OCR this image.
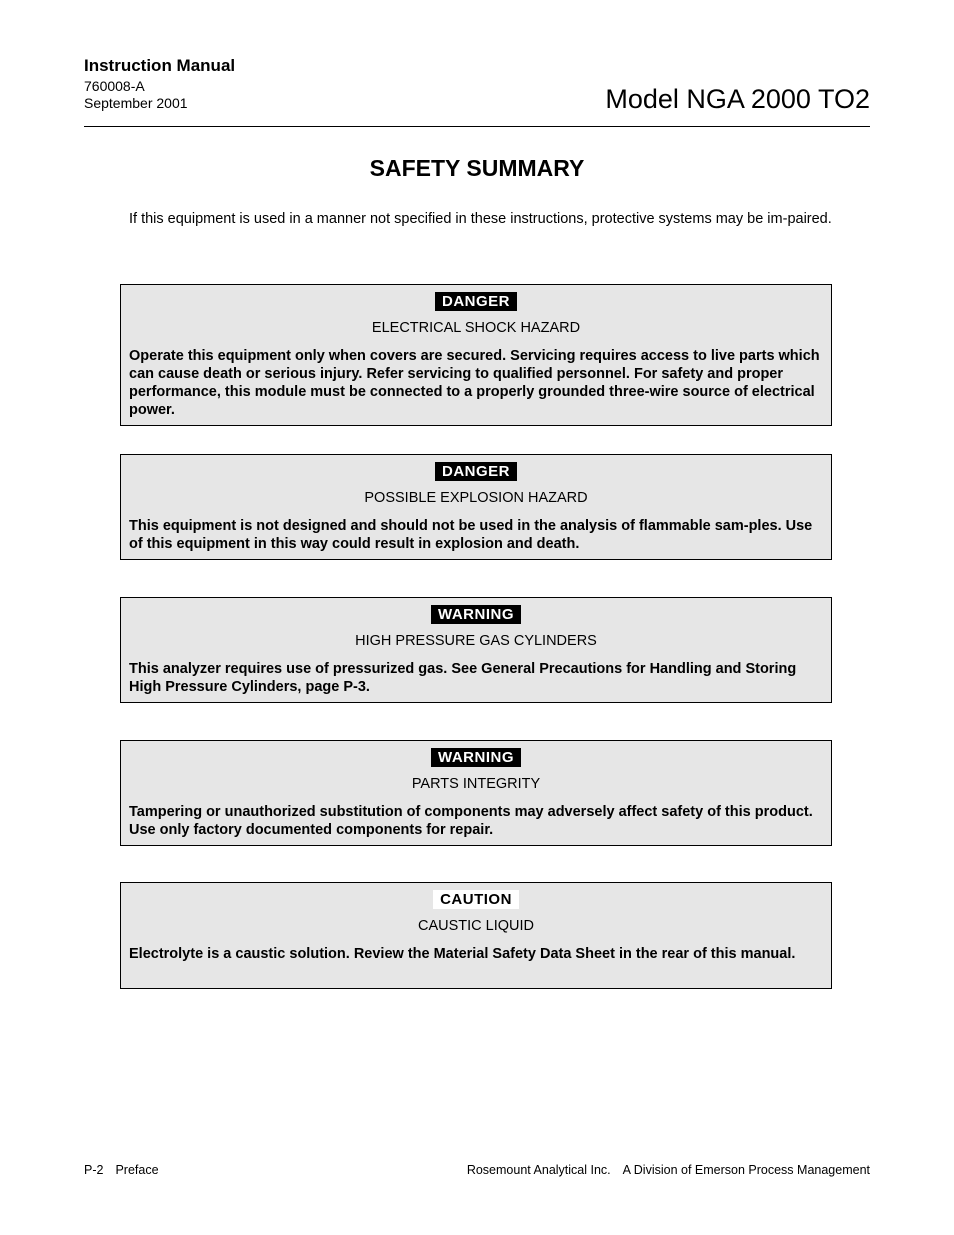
Instruction Manual
760008-A
September 2001	Model NGA 2000 TO2
SAFETY SUMMARY
If this equipment is used in a manner not specified in these instructions, protective systems may be im-paired.
DANGER
ELECTRICAL SHOCK HAZARD
Operate this equipment only when covers are secured. Servicing requires access to live parts which can cause death or serious injury. Refer servicing to qualified personnel. For safety and proper performance, this module must be connected to a properly grounded three-wire source of electrical power.
DANGER
POSSIBLE EXPLOSION HAZARD
This equipment is not designed and should not be used in the analysis of flammable sam-ples. Use of this equipment in this way could result in explosion and death.
WARNING
HIGH PRESSURE GAS CYLINDERS
This analyzer requires use of pressurized gas. See General Precautions for Handling and Storing High Pressure Cylinders, page P-3.
WARNING
PARTS INTEGRITY
Tampering or unauthorized substitution of components may adversely affect safety of this product. Use only factory documented components for repair.
CAUTION
CAUSTIC LIQUID
Electrolyte is a caustic solution. Review the Material Safety Data Sheet in the rear of this manual.
P-2 Preface	Rosemount Analytical Inc. A Division of Emerson Process Management
